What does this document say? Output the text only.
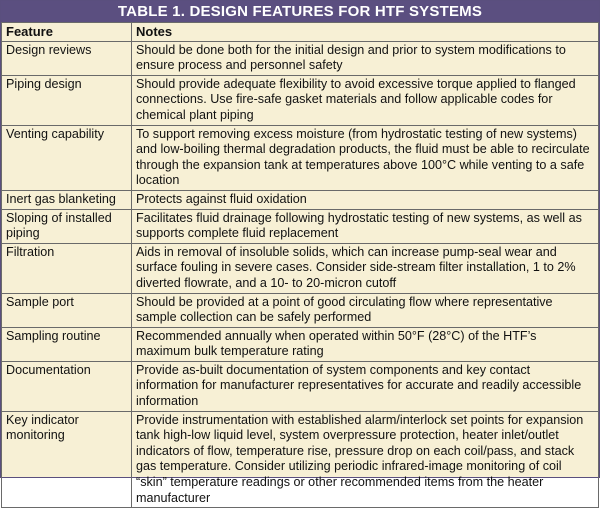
TABLE 1. DESIGN FEATURES FOR HTF SYSTEMS
Feature	Notes
Design reviews	Should be done both for the initial design and prior to system modifications to ensure process and personnel safety
Piping design	Should provide adequate flexibility to avoid excessive torque applied to flanged connections. Use fire-safe gasket materials and follow applicable codes for chemical plant piping
Venting capability	To support removing excess moisture (from hydrostatic testing of new systems) and low-boiling thermal degradation products, the fluid must be able to recirculate through the expansion tank at temperatures above 100°C while venting to a safe location
Inert gas blanketing	Protects against fluid oxidation
Sloping of installed piping	Facilitates fluid drainage following hydrostatic testing of new systems, as well as supports complete fluid replacement
Filtration	Aids in removal of insoluble solids, which can increase pump-seal wear and surface fouling in severe cases. Consider side-stream filter installation, 1 to 2% diverted flowrate, and a 10- to 20-micron cutoff
Sample port	Should be provided at a point of good circulating flow where representative sample collection can be safely performed
Sampling routine	Recommended annually when operated within 50°F (28°C) of the HTF’s maximum bulk temperature rating
Documentation	Provide as-built documentation of system components and key contact information for manufacturer representatives for accurate and readily accessible information
Key indicator monitoring	Provide instrumentation with established alarm/interlock set points for expansion tank high-low liquid level, system overpressure protection, heater inlet/outlet indicators of flow, temperature rise, pressure drop on each coil/pass, and stack gas temperature. Consider utilizing periodic infrared-image monitoring of coil “skin” temperature readings or other recommended items from the heater manufacturer
